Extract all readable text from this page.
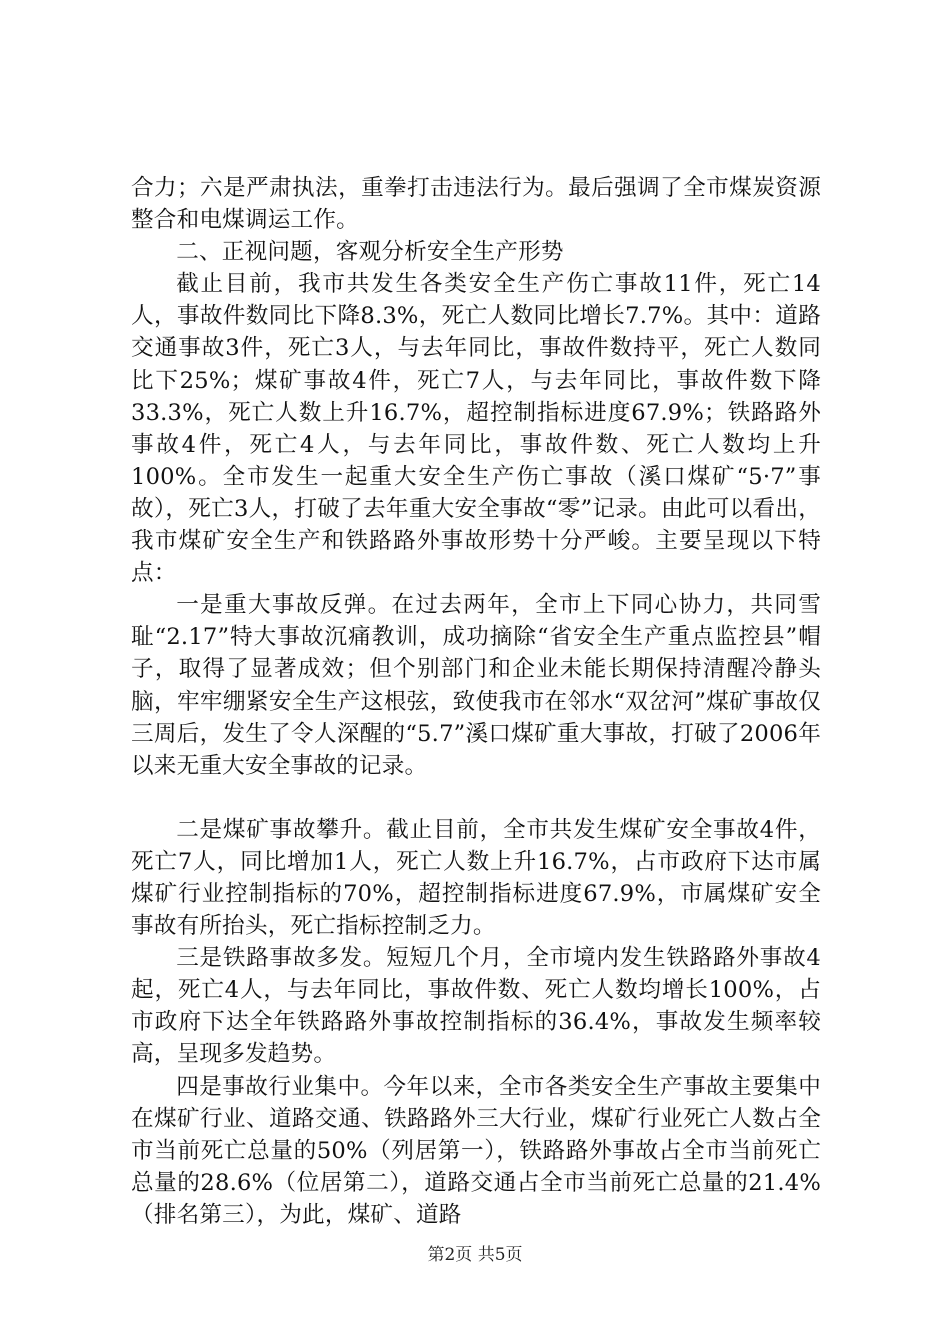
合力；六是严肃执法，重拳打击违法行为。最后强调了全市煤炭资源整合和电煤调运工作。

二、正视问题，客观分析安全生产形势

截止目前，我市共发生各类安全生产伤亡事故11件，死亡14人，事故件数同比下降8.3%，死亡人数同比增长7.7%。其中：道路交通事故3件，死亡3人，与去年同比，事故件数持平，死亡人数同比下25%；煤矿事故4件，死亡7人，与去年同比，事故件数下降33.3%，死亡人数上升16.7%，超控制指标进度67.9%；铁路路外事故4件，死亡4人，与去年同比，事故件数、死亡人数均上升100%。全市发生一起重大安全生产伤亡事故（溪口煤矿“5·7”事故），死亡3人，打破了去年重大安全事故“零”记录。由此可以看出，我市煤矿安全生产和铁路路外事故形势十分严峻。主要呈现以下特点：

一是重大事故反弹。在过去两年，全市上下同心协力，共同雪耻“2.17”特大事故沉痛教训，成功摘除“省安全生产重点监控县”帽子，取得了显著成效；但个别部门和企业未能长期保持清醒冷静头脑，牢牢绷紧安全生产这根弦，致使我市在邻水“双岔河”煤矿事故仅三周后，发生了令人深醒的“5.7”溪口煤矿重大事故，打破了2006年以来无重大安全事故的记录。

二是煤矿事故攀升。截止目前，全市共发生煤矿安全事故4件，死亡7人，同比增加1人，死亡人数上升16.7%，占市政府下达市属煤矿行业控制指标的70%，超控制指标进度67.9%，市属煤矿安全事故有所抬头，死亡指标控制乏力。

三是铁路事故多发。短短几个月，全市境内发生铁路路外事故4起，死亡4人，与去年同比，事故件数、死亡人数均增长100%，占市政府下达全年铁路路外事故控制指标的36.4%，事故发生频率较高，呈现多发趋势。

四是事故行业集中。今年以来，全市各类安全生产事故主要集中在煤矿行业、道路交通、铁路路外三大行业，煤矿行业死亡人数占全市当前死亡总量的50%（列居第一），铁路路外事故占全市当前死亡总量的28.6%（位居第二），道路交通占全市当前死亡总量的21.4%（排名第三），为此，煤矿、道路

第2页 共5页
